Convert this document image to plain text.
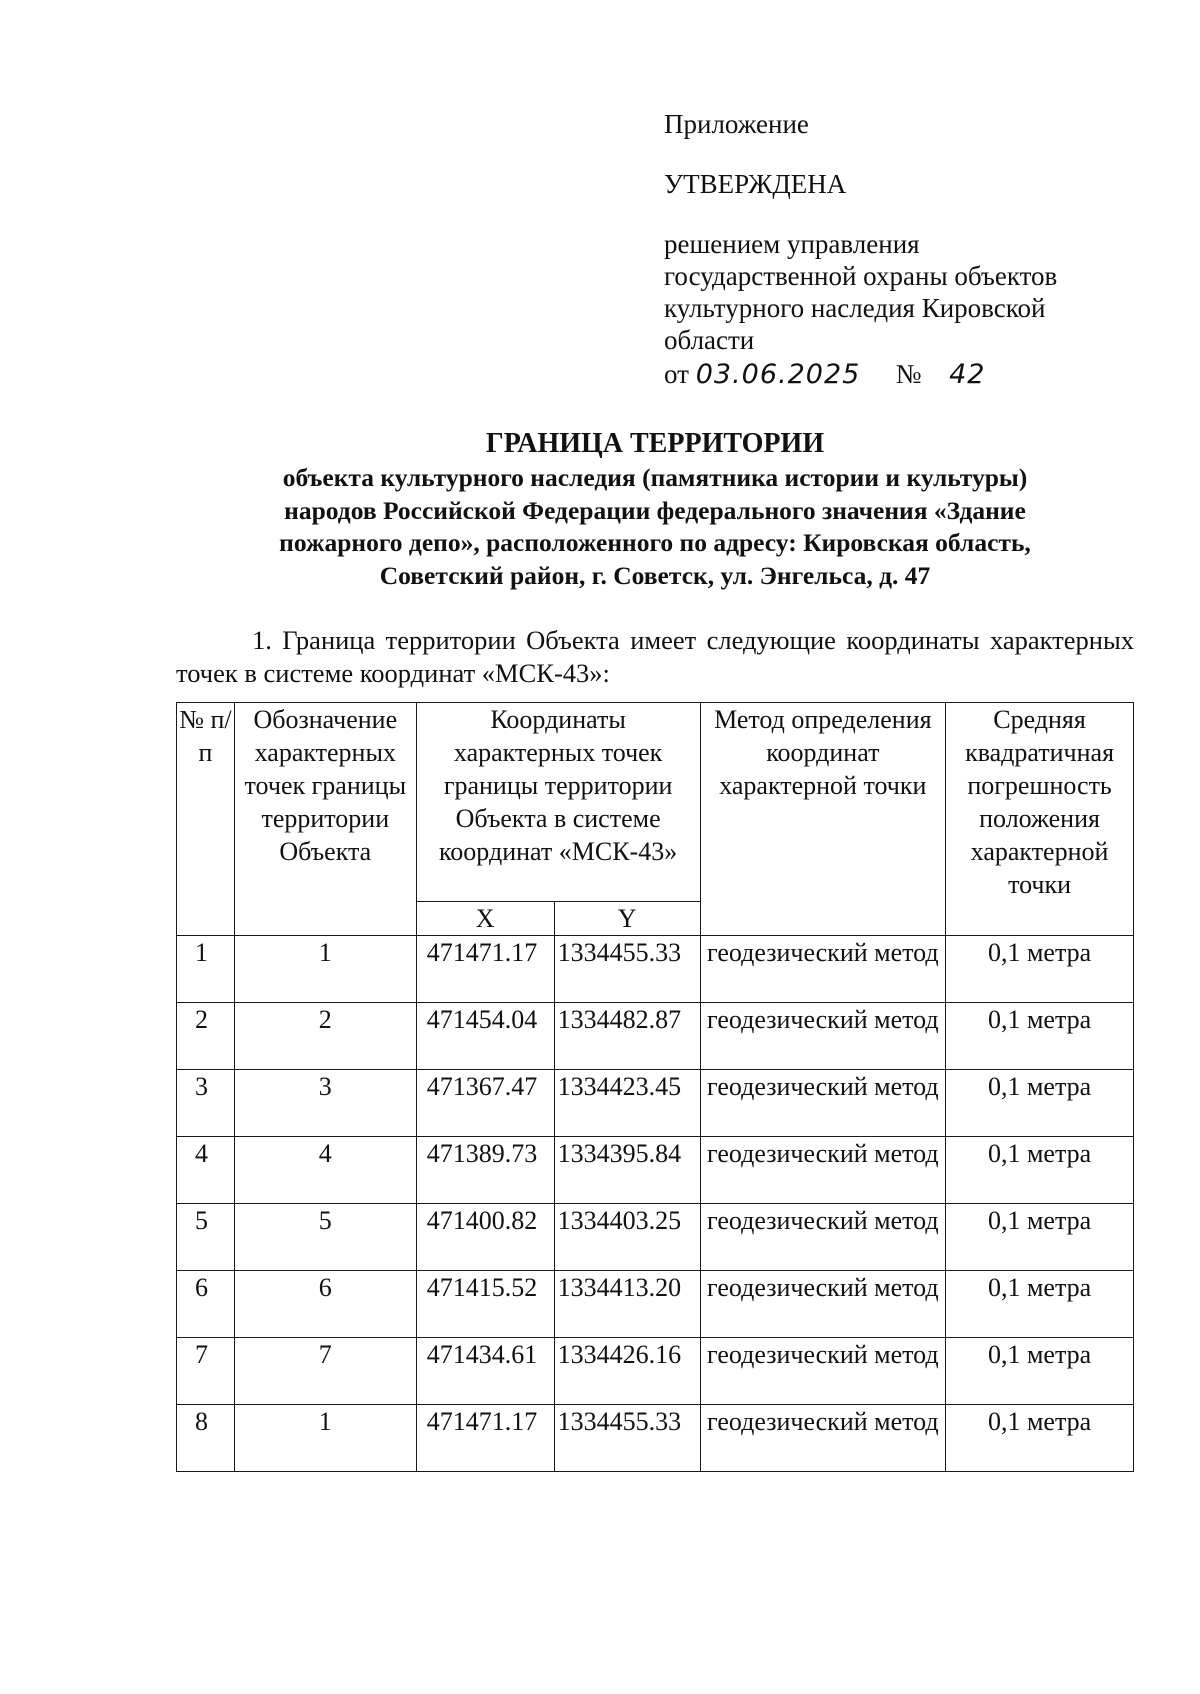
Приложение
УТВЕРЖДЕНА
решением управления
государственной охраны объектов
культурного наследия Кировской
области
от 03.06.2025 № 42
ГРАНИЦА ТЕРРИТОРИИ
объекта культурного наследия (памятника истории и культуры)
народов Российской Федерации федерального значения «Здание
пожарного депо», расположенного по адресу: Кировская область,
Советский район, г. Советск, ул. Энгельса, д. 47
1. Граница территории Объекта имеет следующие координаты характерных точек в системе координат «МСК-43»:
№ п/п	Обозначение характерных точек границы территории Объекта	Координаты характерных точек границы территории Объекта в системе координат «МСК-43»		Метод определения координат характерной точки	Средняя квадратичная погрешность положения характерной точки
		X	Y		
1	1	471471.17	1334455.33	геодезический метод	0,1 метра
2	2	471454.04	1334482.87	геодезический метод	0,1 метра
3	3	471367.47	1334423.45	геодезический метод	0,1 метра
4	4	471389.73	1334395.84	геодезический метод	0,1 метра
5	5	471400.82	1334403.25	геодезический метод	0,1 метра
6	6	471415.52	1334413.20	геодезический метод	0,1 метра
7	7	471434.61	1334426.16	геодезический метод	0,1 метра
8	1	471471.17	1334455.33	геодезический метод	0,1 метра
